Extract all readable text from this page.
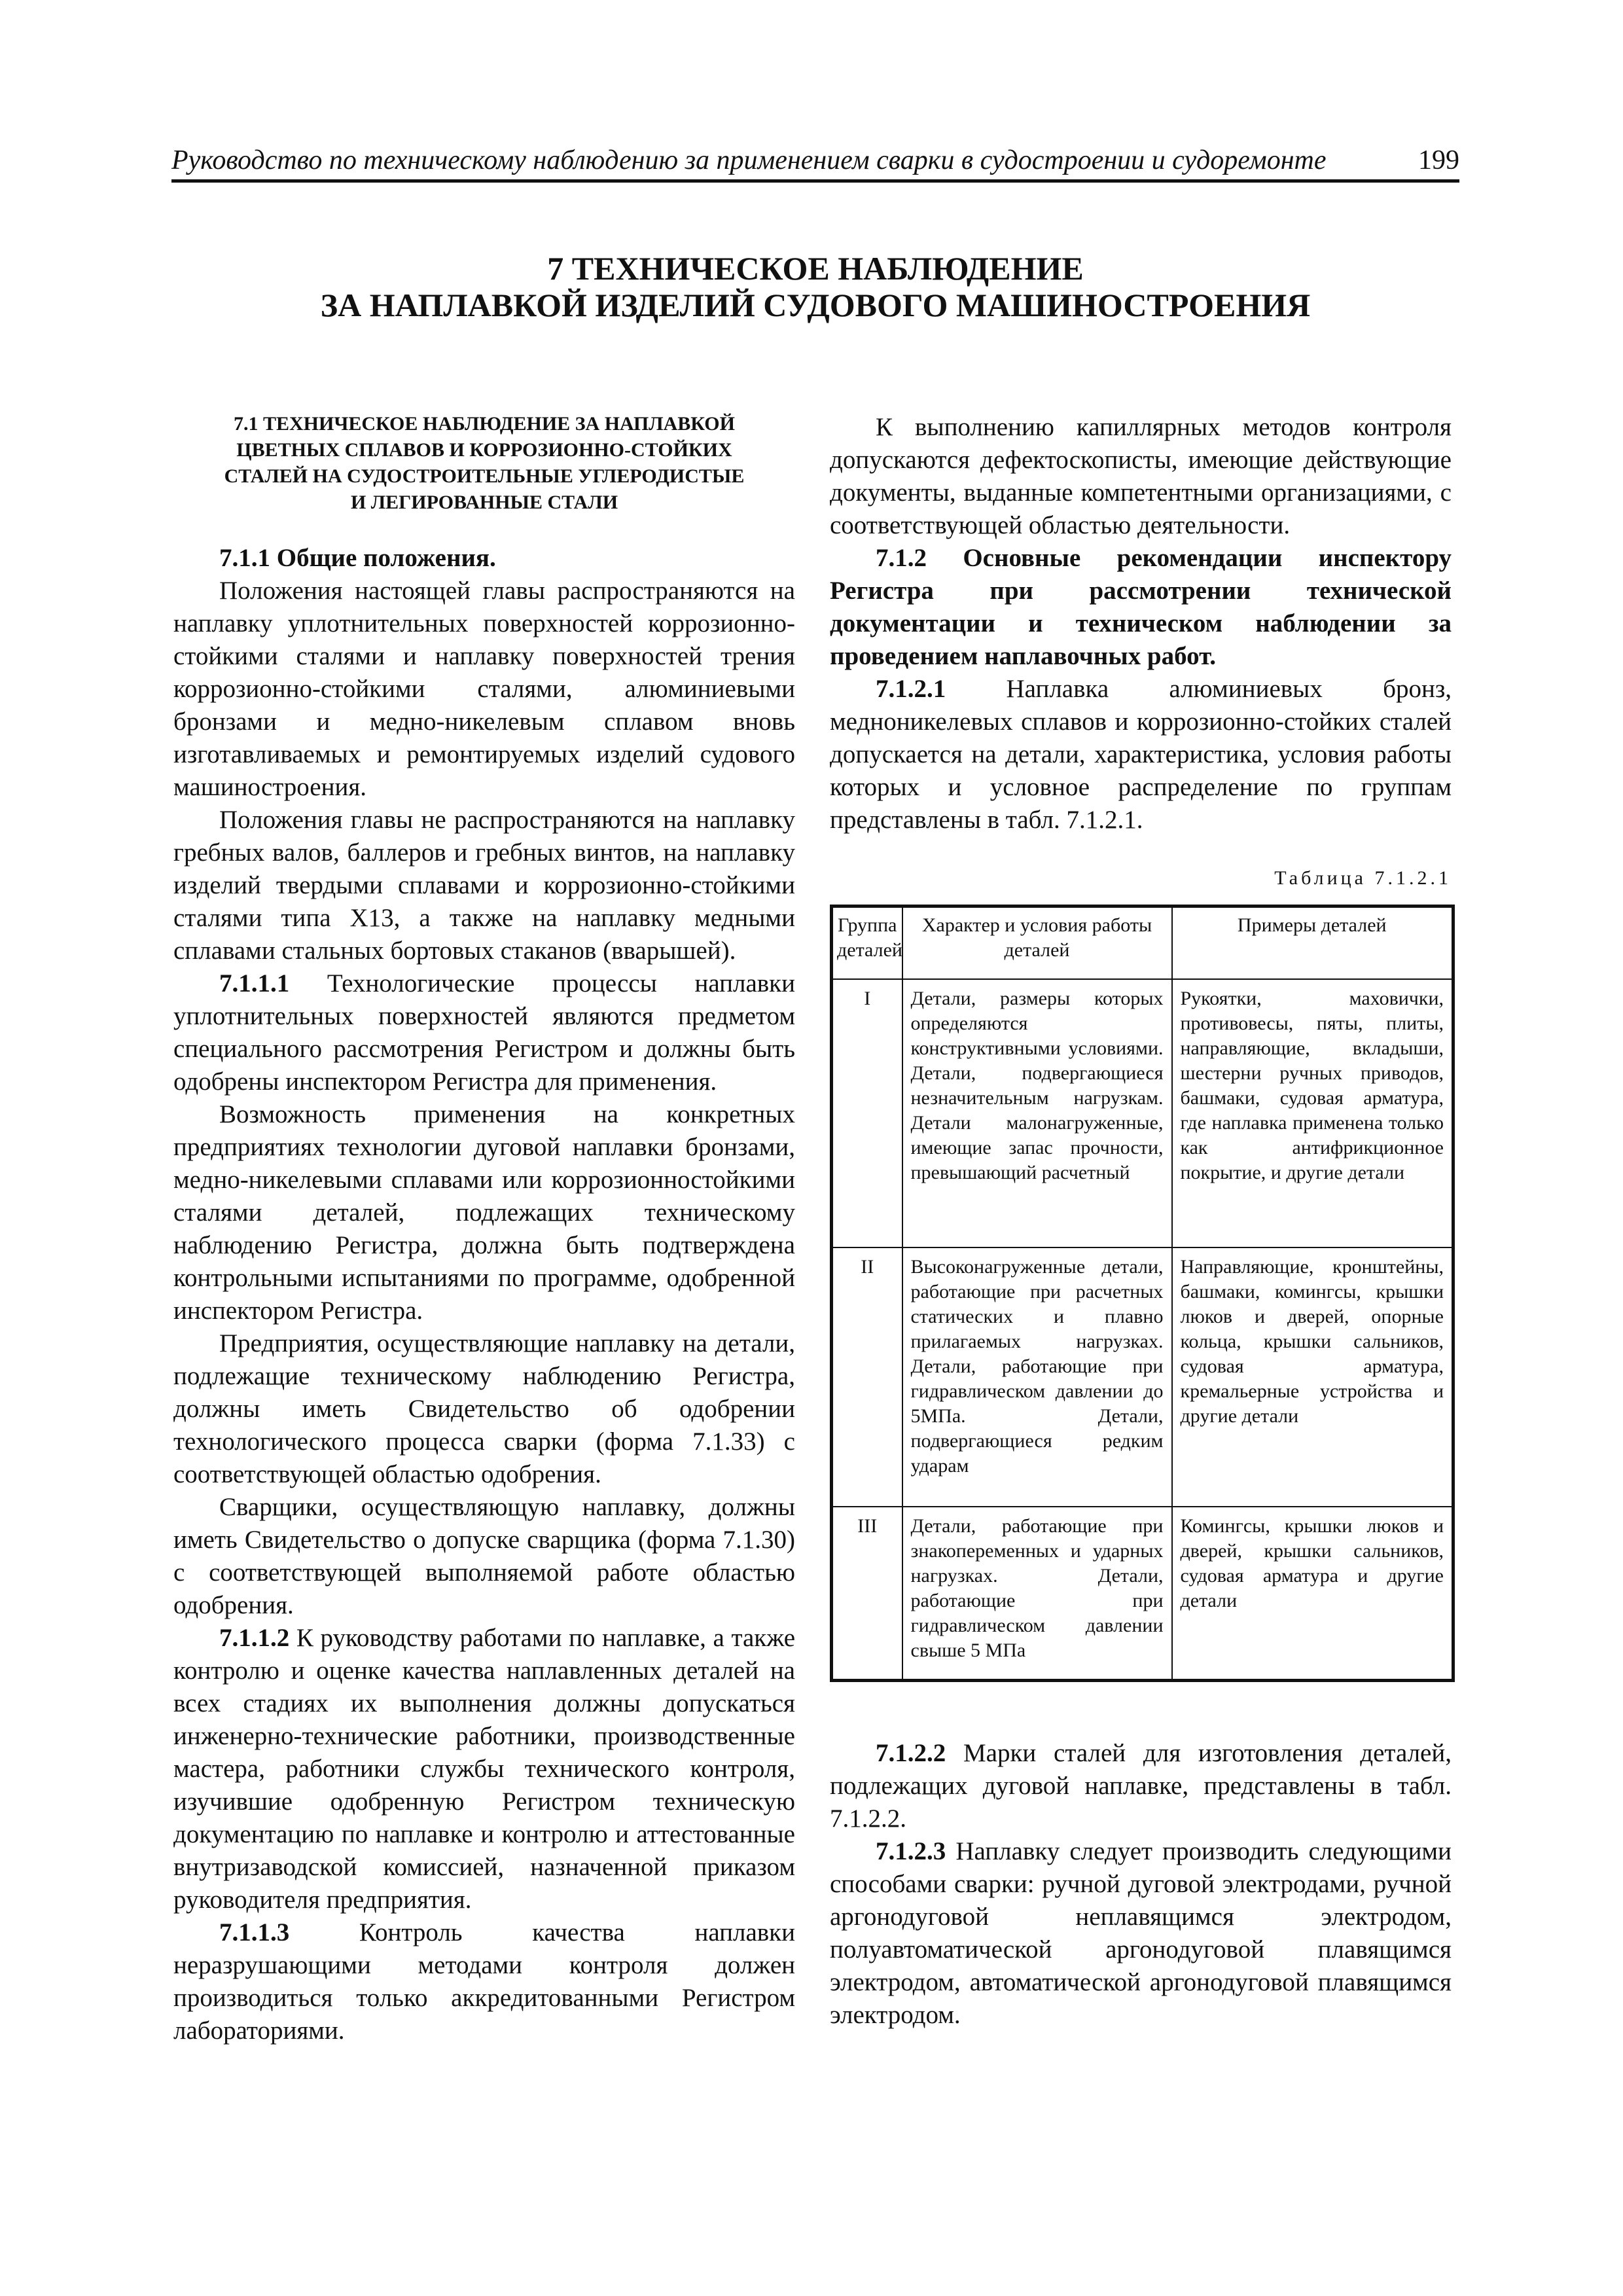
Руководство по техническому наблюдению за применением сварки в судостроении и судоремонте	199
7 ТЕХНИЧЕСКОЕ НАБЛЮДЕНИЕ
ЗА НАПЛАВКОЙ ИЗДЕЛИЙ СУДОВОГО МАШИНОСТРОЕНИЯ
7.1 ТЕХНИЧЕСКОЕ НАБЛЮДЕНИЕ ЗА НАПЛАВКОЙ
ЦВЕТНЫХ СПЛАВОВ И КОРРОЗИОННО-СТОЙКИХ
СТАЛЕЙ НА СУДОСТРОИТЕЛЬНЫЕ УГЛЕРОДИСТЫЕ
И ЛЕГИРОВАННЫЕ СТАЛИ

7.1.1 Общие положения.

Положения настоящей главы распространяются на наплавку уплотнительных поверхностей коррозионно-стойкими сталями и наплавку поверхностей трения коррозионно-стойкими сталями, алюминиевыми бронзами и медно-никелевым сплавом вновь изготавливаемых и ремонтируемых изделий судового машиностроения.

Положения главы не распространяются на наплавку гребных валов, баллеров и гребных винтов, на наплавку изделий твердыми сплавами и коррозионно-стойкими сталями типа Х13, а также на наплавку медными сплавами стальных бортовых стаканов (вварышей).

7.1.1.1 Технологические процессы наплавки уплотнительных поверхностей являются предметом специального рассмотрения Регистром и должны быть одобрены инспектором Регистра для применения.

Возможность применения на конкретных предприятиях технологии дуговой наплавки бронзами, медно-никелевыми сплавами или коррозионностойкими сталями деталей, подлежащих техническому наблюдению Регистра, должна быть подтверждена контрольными испытаниями по программе, одобренной инспектором Регистра.

Предприятия, осуществляющие наплавку на детали, подлежащие техническому наблюдению Регистра, должны иметь Свидетельство об одобрении технологического процесса сварки (форма 7.1.33) с соответствующей областью одобрения.

Сварщики, осуществляющую наплавку, должны иметь Свидетельство о допуске сварщика (форма 7.1.30) с соответствующей выполняемой работе областью одобрения.

7.1.1.2 К руководству работами по наплавке, а также контролю и оценке качества наплавленных деталей на всех стадиях их выполнения должны допускаться инженерно-технические работники, производственные мастера, работники службы технического контроля, изучившие одобренную Регистром техническую документацию по наплавке и контролю и аттестованные внутризаводской комиссией, назначенной приказом руководителя предприятия.

7.1.1.3 Контроль качества наплавки неразрушающими методами контроля должен производиться только аккредитованными Регистром лабораториями.

К выполнению капиллярных методов контроля допускаются дефектоскописты, имеющие действующие документы, выданные компетентными организациями, с соответствующей областью деятельности.

7.1.2 Основные рекомендации инспектору Регистра при рассмотрении технической документации и техническом наблюдении за проведением наплавочных работ.

7.1.2.1 Наплавка алюминиевых бронз, медноникелевых сплавов и коррозионно-стойких сталей допускается на детали, характеристика, условия работы которых и условное распределение по группам представлены в табл. 7.1.2.1.

Таблица 7.1.2.1
Группа деталей	Характер и условия работы деталей	Примеры деталей
I	Детали, размеры которых определяются конструктивными условиями. Детали, подвергающиеся незначительным нагрузкам. Детали малонагруженные, имеющие запас прочности, превышающий расчетный	Рукоятки, маховички, противовесы, пяты, плиты, направляющие, вкладыши, шестерни ручных приводов, башмаки, судовая арматура, где наплавка применена только как антифрикционное покрытие, и другие детали
II	Высоконагруженные детали, работающие при расчетных статических и плавно прилагаемых нагрузках. Детали, работающие при гидравлическом давлении до 5МПа. Детали, подвергающиеся редким ударам	Направляющие, кронштейны, башмаки, комингсы, крышки люков и дверей, опорные кольца, крышки сальников, судовая арматура, кремальерные устройства и другие детали
III	Детали, работающие при знакопеременных и ударных нагрузках. Детали, работающие при гидравлическом давлении свыше 5 МПа	Комингсы, крышки люков и дверей, крышки сальников, судовая арматура и другие детали

7.1.2.2 Марки сталей для изготовления деталей, подлежащих дуговой наплавке, представлены в табл. 7.1.2.2.

7.1.2.3 Наплавку следует производить следующими способами сварки: ручной дуговой электродами, ручной аргонодуговой неплавящимся электродом, полуавтоматической аргонодуговой плавящимся электродом, автоматической аргонодуговой плавящимся электродом.
